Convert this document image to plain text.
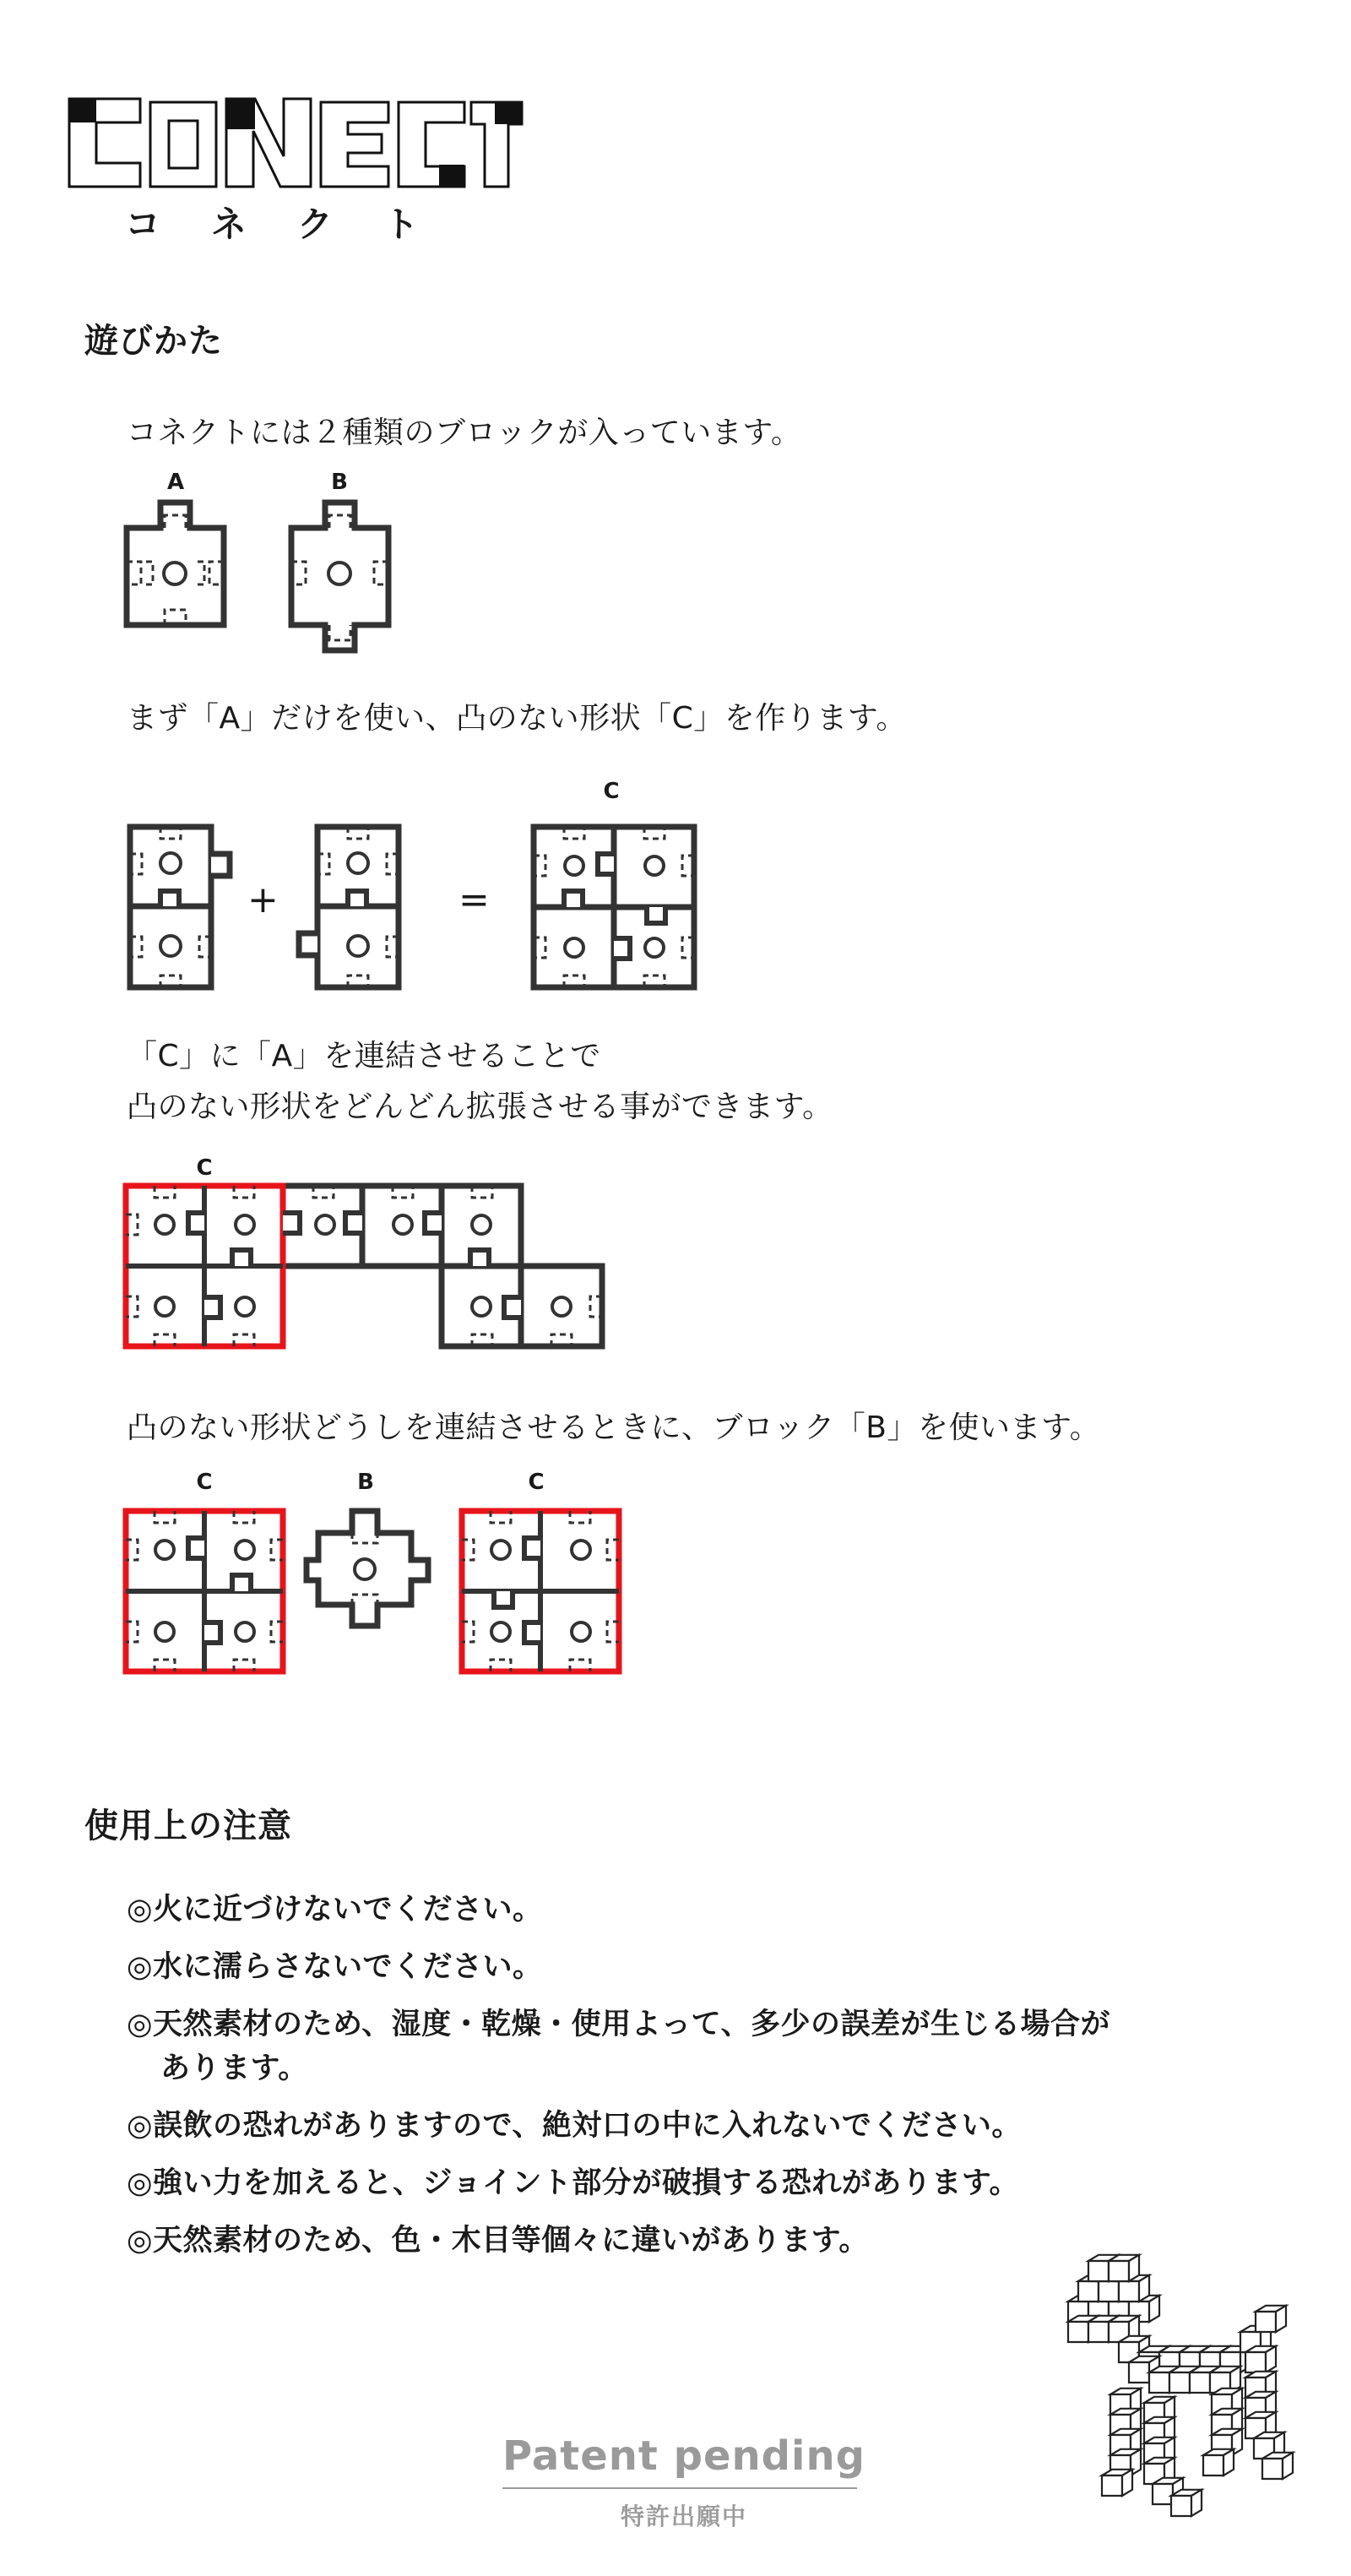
コネクト
遊びかた
コネクトには２種類のブロックが入っています。
A	B
まず「A」だけを使い、凸のない形状「C」を作ります。
C
+	=
「C」に「A」を連結させることで
凸のない形状をどんどん拡張させる事ができます。
C
凸のない形状どうしを連結させるときに、ブロック「B」を使います。
C	B	C
使用上の注意
◎火に近づけないでください。
◎水に濡らさないでください。
◎天然素材のため、湿度・乾燥・使用よって、多少の誤差が生じる場合が
あります。
◎誤飲の恐れがありますので、絶対口の中に入れないでください。
◎強い力を加えると、ジョイント部分が破損する恐れがあります。
◎天然素材のため、色・木目等個々に違いがあります。
Patent pending
特許出願中
